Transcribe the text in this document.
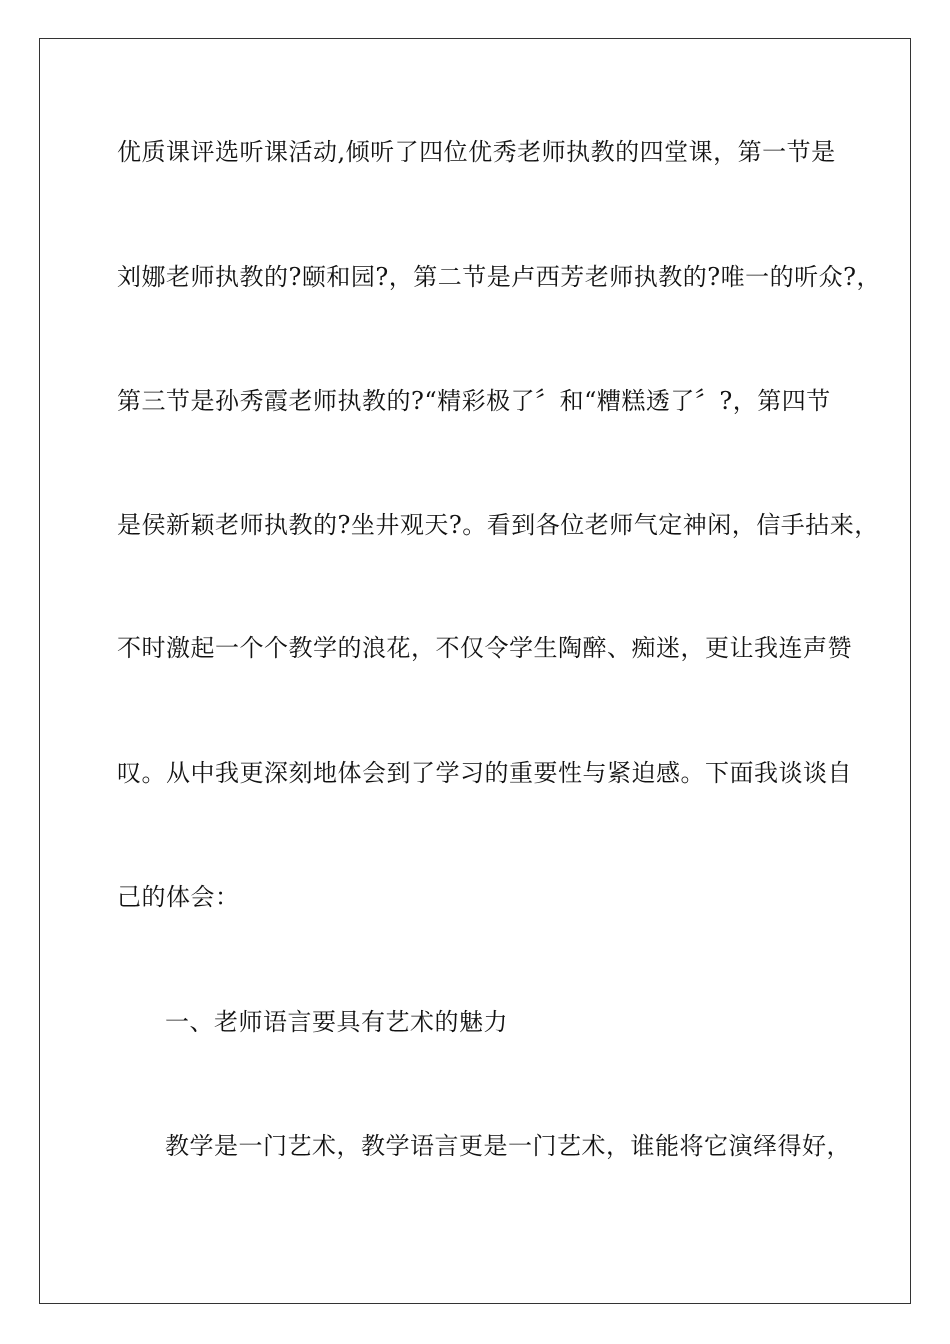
优质课评选听课活动,倾听了四位优秀老师执教的四堂课，第一节是
刘娜老师执教的?颐和园?，第二节是卢西芳老师执教的?唯一的听众?，
第三节是孙秀霞老师执教的?“精彩极了〞和“糟糕透了〞?，第四节
是侯新颖老师执教的?坐井观天?。看到各位老师气定神闲，信手拈来，
不时激起一个个教学的浪花，不仅令学生陶醉、痴迷，更让我连声赞
叹。从中我更深刻地体会到了学习的重要性与紧迫感。下面我谈谈自
己的体会：
一、老师语言要具有艺术的魅力
教学是一门艺术，教学语言更是一门艺术，谁能将它演绎得好，
